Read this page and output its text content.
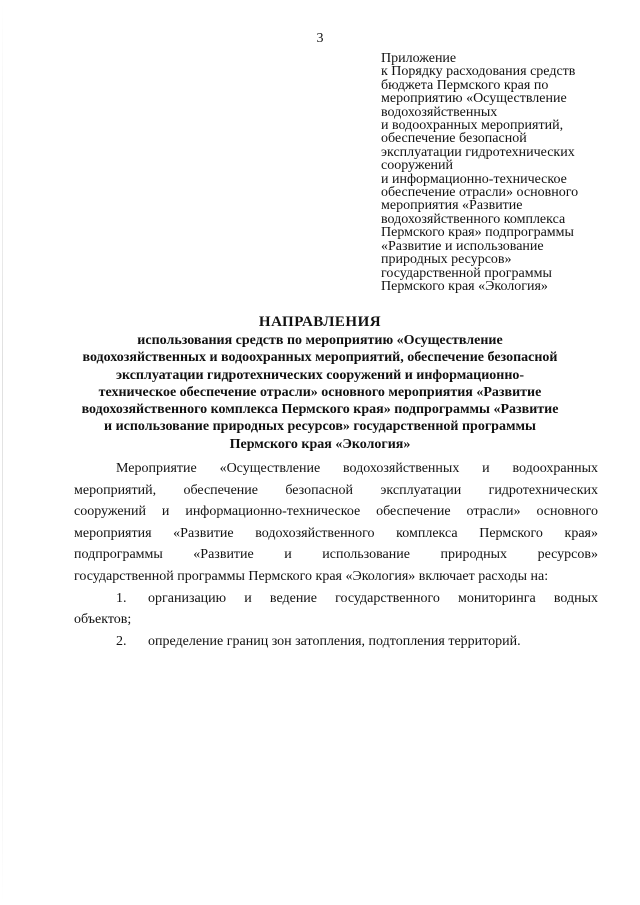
3
Приложение
к Порядку расходования средств
бюджета Пермского края по
мероприятию «Осуществление
водохозяйственных
и водоохранных мероприятий,
обеспечение безопасной
эксплуатации гидротехнических
сооружений
и информационно-техническое
обеспечение отрасли» основного
мероприятия «Развитие
водохозяйственного комплекса
Пермского края» подпрограммы
«Развитие и использование
природных ресурсов»
государственной программы
Пермского края «Экология»
НАПРАВЛЕНИЯ
использования средств по мероприятию «Осуществление
водохозяйственных и водоохранных мероприятий, обеспечение безопасной
эксплуатации гидротехнических сооружений и информационно-
техническое обеспечение отрасли» основного мероприятия «Развитие
водохозяйственного комплекса Пермского края» подпрограммы «Развитие
и использование природных ресурсов» государственной программы
Пермского края «Экология»
Мероприятие «Осуществление водохозяйственных и водоохранных
мероприятий, обеспечение безопасной эксплуатации гидротехнических
сооружений и информационно-техническое обеспечение отрасли» основного
мероприятия «Развитие водохозяйственного комплекса Пермского края»
подпрограммы «Развитие и использование природных ресурсов»
государственной программы Пермского края «Экология» включает расходы на:
1.	организацию и ведение государственного мониторинга водных
объектов;
2.	определение границ зон затопления, подтопления территорий.
